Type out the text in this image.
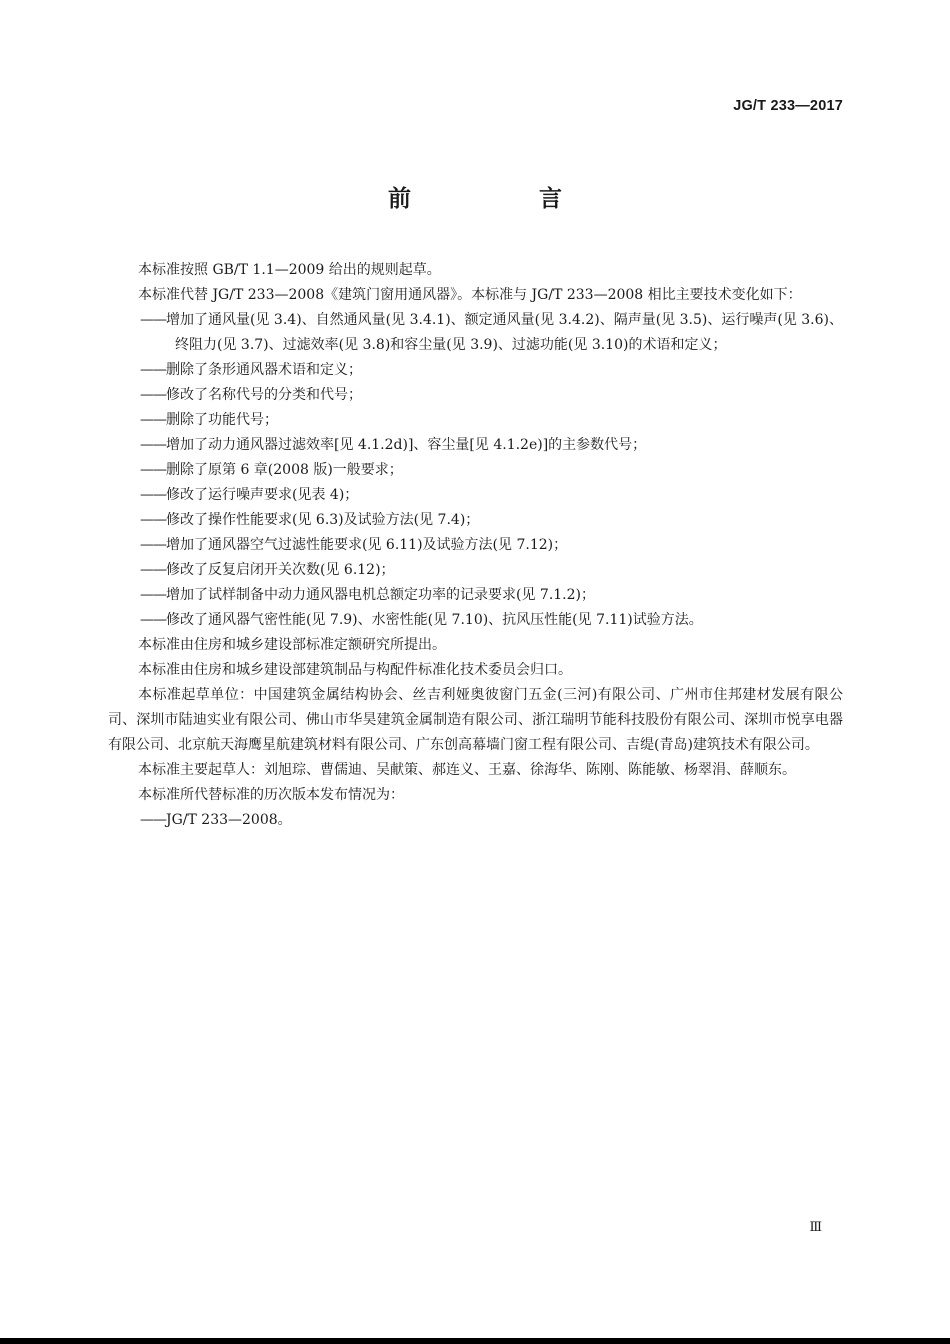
JG/T 233—2017
前 言

本标准按照 GB/T 1.1—2009 给出的规则起草。

本标准代替 JG/T 233—2008《建筑门窗用通风器》。本标准与 JG/T 233—2008 相比主要技术变化如下：

——增加了通风量(见 3.4)、自然通风量(见 3.4.1)、额定通风量(见 3.4.2)、隔声量(见 3.5)、运行噪声(见 3.6)、终阻力(见 3.7)、过滤效率(见 3.8)和容尘量(见 3.9)、过滤功能(见 3.10)的术语和定义；

——删除了条形通风器术语和定义；

——修改了名称代号的分类和代号；

——删除了功能代号；

——增加了动力通风器过滤效率[见 4.1.2d)]、容尘量[见 4.1.2e)]的主参数代号；

——删除了原第 6 章(2008 版)一般要求；

——修改了运行噪声要求(见表 4)；

——修改了操作性能要求(见 6.3)及试验方法(见 7.4)；

——增加了通风器空气过滤性能要求(见 6.11)及试验方法(见 7.12)；

——修改了反复启闭开关次数(见 6.12)；

——增加了试样制备中动力通风器电机总额定功率的记录要求(见 7.1.2)；

——修改了通风器气密性能(见 7.9)、水密性能(见 7.10)、抗风压性能(见 7.11)试验方法。

本标准由住房和城乡建设部标准定额研究所提出。

本标准由住房和城乡建设部建筑制品与构配件标准化技术委员会归口。

本标准起草单位：中国建筑金属结构协会、丝吉利娅奥彼窗门五金(三河)有限公司、广州市住邦建材发展有限公司、深圳市陆迪实业有限公司、佛山市华昊建筑金属制造有限公司、浙江瑞明节能科技股份有限公司、深圳市悦享电器有限公司、北京航天海鹰星航建筑材料有限公司、广东创高幕墙门窗工程有限公司、吉缇(青岛)建筑技术有限公司。

本标准主要起草人：刘旭琮、曹儒迪、吴献策、郝连义、王嘉、徐海华、陈刚、陈能敏、杨翠涓、薛顺东。

本标准所代替标准的历次版本发布情况为：

——JG/T 233—2008。

Ⅲ
